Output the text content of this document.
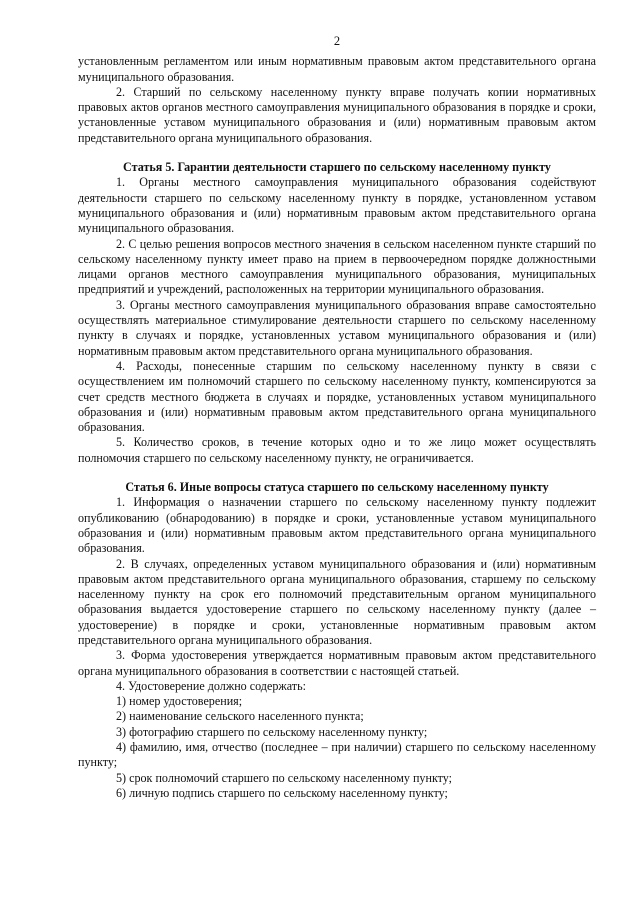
2

установленным регламентом или иным нормативным правовым актом представительного органа муниципального образования.

2. Старший по сельскому населенному пункту вправе получать копии нормативных правовых актов органов местного самоуправления муниципального образования в порядке и сроки, установленные уставом муниципального образования и (или) нормативным правовым актом представительного органа муниципального образования.

Статья 5. Гарантии деятельности старшего по сельскому населенному пункту

1. Органы местного самоуправления муниципального образования содействуют деятельности старшего по сельскому населенному пункту в порядке, установленном уставом муниципального образования и (или) нормативным правовым актом представительного органа муниципального образования.

2. С целью решения вопросов местного значения в сельском населенном пункте старший по сельскому населенному пункту имеет право на прием в первоочередном порядке должностными лицами органов местного самоуправления муниципального образования, муниципальных предприятий и учреждений, расположенных на территории муниципального образования.

3. Органы местного самоуправления муниципального образования вправе самостоятельно осуществлять материальное стимулирование деятельности старшего по сельскому населенному пункту в случаях и порядке, установленных уставом муниципального образования и (или) нормативным правовым актом представительного органа муниципального образования.

4. Расходы, понесенные старшим по сельскому населенному пункту в связи с осуществлением им полномочий старшего по сельскому населенному пункту, компенсируются за счет средств местного бюджета в случаях и порядке, установленных уставом муниципального образования и (или) нормативным правовым актом представительного органа муниципального образования.

5. Количество сроков, в течение которых одно и то же лицо может осуществлять полномочия старшего по сельскому населенному пункту, не ограничивается.

Статья 6. Иные вопросы статуса старшего по сельскому населенному пункту

1. Информация о назначении старшего по сельскому населенному пункту подлежит опубликованию (обнародованию) в порядке и сроки, установленные уставом муниципального образования и (или) нормативным правовым актом представительного органа муниципального образования.

2. В случаях, определенных уставом муниципального образования и (или) нормативным правовым актом представительного органа муниципального образования, старшему по сельскому населенному пункту на срок его полномочий представительным органом муниципального образования выдается удостоверение старшего по сельскому населенному пункту (далее – удостоверение) в порядке и сроки, установленные нормативным правовым актом представительного органа муниципального образования.

3. Форма удостоверения утверждается нормативным правовым актом представительного органа муниципального образования в соответствии с настоящей статьей.

4. Удостоверение должно содержать:

1) номер удостоверения;

2) наименование сельского населенного пункта;

3) фотографию старшего по сельскому населенному пункту;

4) фамилию, имя, отчество (последнее – при наличии) старшего по сельскому населенному пункту;

5) срок полномочий старшего по сельскому населенному пункту;

6) личную подпись старшего по сельскому населенному пункту;
